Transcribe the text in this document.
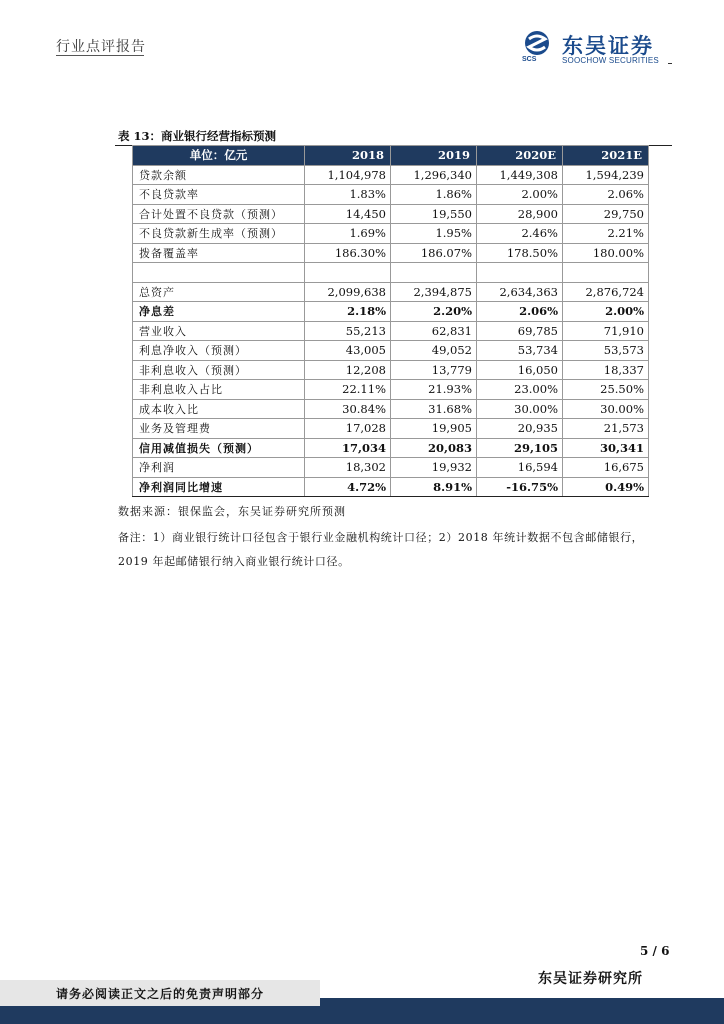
行业点评报告
SCS
东吴证券
SOOCHOW SECURITIES
表 13：商业银行经营指标预测
单位：亿元	2018	2019	2020E	2021E
贷款余额	1,104,978	1,296,340	1,449,308	1,594,239
不良贷款率	1.83%	1.86%	2.00%	2.06%
合计处置不良贷款（预测）	14,450	19,550	28,900	29,750
不良贷款新生成率（预测）	1.69%	1.95%	2.46%	2.21%
拨备覆盖率	186.30%	186.07%	178.50%	180.00%

总资产	2,099,638	2,394,875	2,634,363	2,876,724
净息差	2.18%	2.20%	2.06%	2.00%
营业收入	55,213	62,831	69,785	71,910
利息净收入（预测）	43,005	49,052	53,734	53,573
非利息收入（预测）	12,208	13,779	16,050	18,337
非利息收入占比	22.11%	21.93%	23.00%	25.50%
成本收入比	30.84%	31.68%	30.00%	30.00%
业务及管理费	17,028	19,905	20,935	21,573
信用减值损失（预测）	17,034	20,083	29,105	30,341
净利润	18,302	19,932	16,594	16,675
净利润同比增速	4.72%	8.91%	-16.75%	0.49%
数据来源：银保监会，东吴证券研究所预测
备注：1）商业银行统计口径包含于银行业金融机构统计口径；2）2018 年统计数据不包含邮储银行，2019 年起邮储银行纳入商业银行统计口径。
5 / 6
东吴证券研究所
请务必阅读正文之后的免责声明部分
